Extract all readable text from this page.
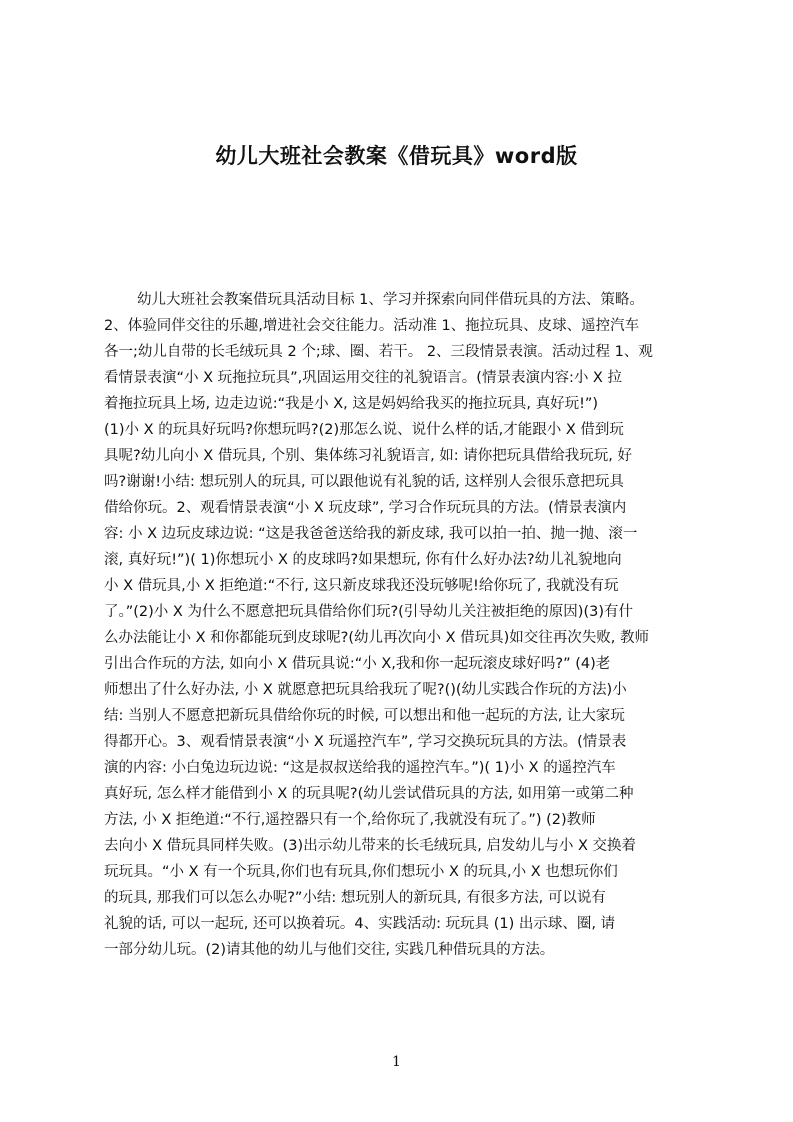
幼儿大班社会教案《借玩具》word版
幼儿大班社会教案借玩具活动目标 1、学习并探索向同伴借玩具的方法、策略。
2、体验同伴交往的乐趣,增进社会交往能力。活动准 1、拖拉玩具、皮球、遥控汽车
各一;幼儿自带的长毛绒玩具 2 个;球、圈、若干。 2、三段情景表演。活动过程 1、观
看情景表演“小 X 玩拖拉玩具”,巩固运用交往的礼貌语言。(情景表演内容:小 X 拉
着拖拉玩具上场, 边走边说:“我是小 X, 这是妈妈给我买的拖拉玩具, 真好玩!”)
(1)小 X 的玩具好玩吗?你想玩吗?(2)那怎么说、说什么样的话,才能跟小 X 借到玩
具呢?幼儿向小 X 借玩具, 个别、集体练习礼貌语言, 如: 请你把玩具借给我玩玩, 好
吗?谢谢!小结: 想玩别人的玩具, 可以跟他说有礼貌的话, 这样别人会很乐意把玩具
借给你玩。2、观看情景表演“小 X 玩皮球”, 学习合作玩玩具的方法。(情景表演内
容: 小 X 边玩皮球边说: “这是我爸爸送给我的新皮球, 我可以拍一拍、抛一抛、滚一
滚, 真好玩!”)( 1)你想玩小 X 的皮球吗?如果想玩, 你有什么好办法?幼儿礼貌地向
小 X 借玩具,小 X 拒绝道:“不行, 这只新皮球我还没玩够呢!给你玩了, 我就没有玩
了。”(2)小 X 为什么不愿意把玩具借给你们玩?(引导幼儿关注被拒绝的原因)(3)有什
么办法能让小 X 和你都能玩到皮球呢?(幼儿再次向小 X 借玩具)如交往再次失败, 教师
引出合作玩的方法, 如向小 X 借玩具说:“小 X,我和你一起玩滚皮球好吗?” (4)老
师想出了什么好办法, 小 X 就愿意把玩具给我玩了呢?()(幼儿实践合作玩的方法)小
结: 当别人不愿意把新玩具借给你玩的时候, 可以想出和他一起玩的方法, 让大家玩
得都开心。3、观看情景表演“小 X 玩遥控汽车”, 学习交换玩玩具的方法。(情景表
演的内容: 小白兔边玩边说: “这是叔叔送给我的遥控汽车。”)( 1)小 X 的遥控汽车
真好玩, 怎么样才能借到小 X 的玩具呢?(幼儿尝试借玩具的方法, 如用第一或第二种
方法, 小 X 拒绝道:“不行,遥控器只有一个,给你玩了,我就没有玩了。”) (2)教师
去向小 X 借玩具同样失败。(3)出示幼儿带来的长毛绒玩具, 启发幼儿与小 X 交换着
玩玩具。“小 X 有一个玩具,你们也有玩具,你们想玩小 X 的玩具,小 X 也想玩你们
的玩具, 那我们可以怎么办呢?”小结: 想玩别人的新玩具, 有很多方法, 可以说有
礼貌的话, 可以一起玩, 还可以换着玩。4、实践活动: 玩玩具 (1) 出示球、圈, 请
一部分幼儿玩。(2)请其他的幼儿与他们交往, 实践几种借玩具的方法。
1
